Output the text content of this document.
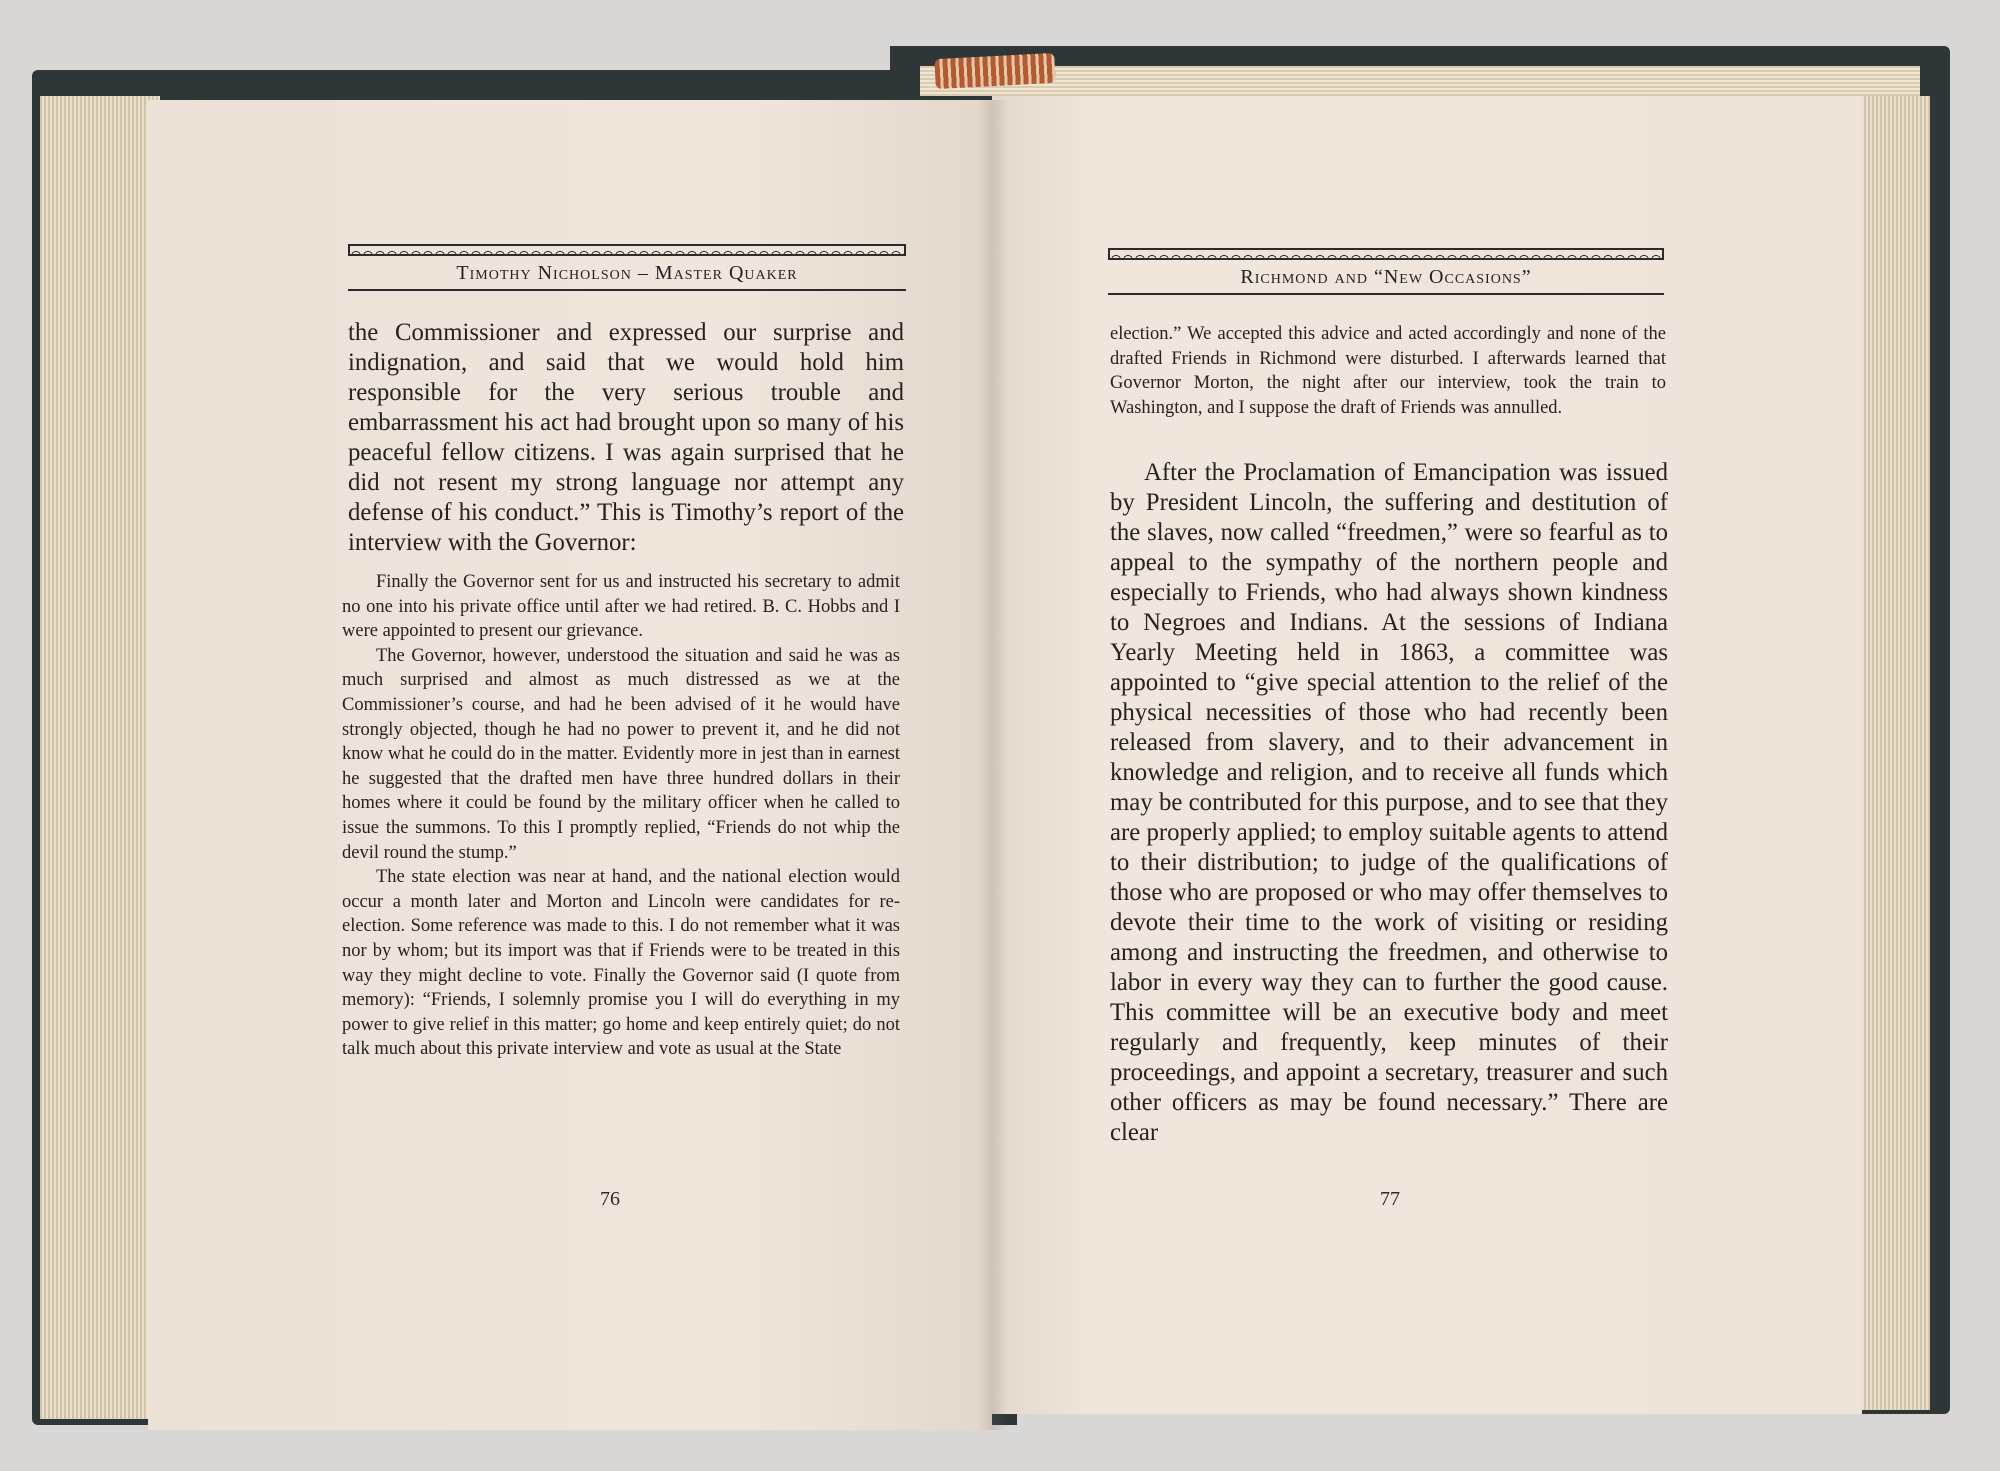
Timothy Nicholson – Master Quaker

the Commissioner and expressed our surprise and indignation, and said that we would hold him responsible for the very serious trouble and embarrassment his act had brought upon so many of his peaceful fellow citizens. I was again surprised that he did not resent my strong language nor attempt any defense of his conduct.” This is Timothy’s report of the interview with the Governor:

Finally the Governor sent for us and instructed his secretary to admit no one into his private office until after we had retired. B. C. Hobbs and I were appointed to present our grievance.

The Governor, however, understood the situation and said he was as much surprised and almost as much distressed as we at the Commissioner’s course, and had he been advised of it he would have strongly objected, though he had no power to prevent it, and he did not know what he could do in the matter. Evidently more in jest than in earnest he suggested that the drafted men have three hundred dollars in their homes where it could be found by the military officer when he called to issue the summons. To this I promptly replied, “Friends do not whip the devil round the stump.”

The state election was near at hand, and the national election would occur a month later and Morton and Lincoln were candidates for re-election. Some reference was made to this. I do not remember what it was nor by whom; but its import was that if Friends were to be treated in this way they might decline to vote. Finally the Governor said (I quote from memory): “Friends, I solemnly promise you I will do everything in my power to give relief in this matter; go home and keep entirely quiet; do not talk much about this private interview and vote as usual at the State

76
Richmond and “New Occasions”

election.” We accepted this advice and acted accordingly and none of the drafted Friends in Richmond were disturbed. I afterwards learned that Governor Morton, the night after our interview, took the train to Washington, and I suppose the draft of Friends was annulled.

After the Proclamation of Emancipation was issued by President Lincoln, the suffering and destitution of the slaves, now called “freedmen,” were so fearful as to appeal to the sympathy of the northern people and especially to Friends, who had always shown kindness to Negroes and Indians. At the sessions of Indiana Yearly Meeting held in 1863, a committee was appointed to “give special attention to the relief of the physical necessities of those who had recently been released from slavery, and to their advancement in knowledge and religion, and to receive all funds which may be contributed for this purpose, and to see that they are properly applied; to employ suitable agents to attend to their distribution; to judge of the qualifications of those who are proposed or who may offer themselves to devote their time to the work of visiting or residing among and instructing the freedmen, and otherwise to labor in every way they can to further the good cause. This committee will be an executive body and meet regularly and frequently, keep minutes of their proceedings, and appoint a secretary, treasurer and such other officers as may be found necessary.” There are clear

77
